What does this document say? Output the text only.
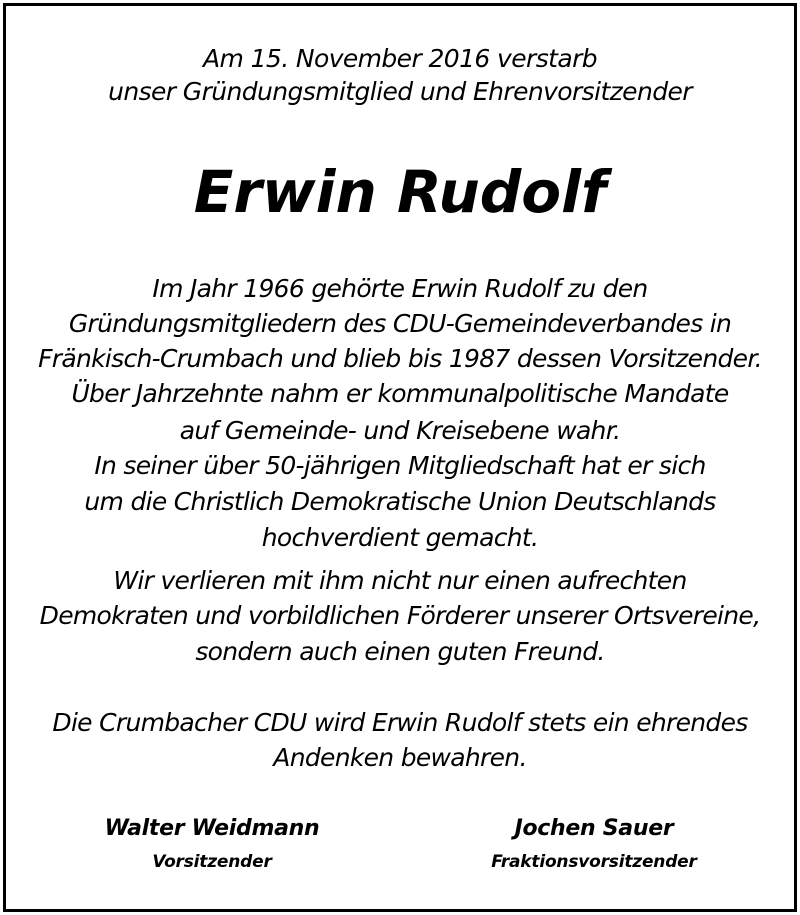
Am 15. November 2016 verstarb
unser Gründungsmitglied und Ehrenvorsitzender
Erwin Rudolf
Im Jahr 1966 gehörte Erwin Rudolf zu den
Gründungsmitgliedern des CDU-Gemeindeverbandes in
Fränkisch-Crumbach und blieb bis 1987 dessen Vorsitzender.
Über Jahrzehnte nahm er kommunalpolitische Mandate
auf Gemeinde- und Kreisebene wahr.
In seiner über 50-jährigen Mitgliedschaft hat er sich
um die Christlich Demokratische Union Deutschlands
hochverdient gemacht.
Wir verlieren mit ihm nicht nur einen aufrechten
Demokraten und vorbildlichen Förderer unserer Ortsvereine,
sondern auch einen guten Freund.
Die Crumbacher CDU wird Erwin Rudolf stets ein ehrendes
Andenken bewahren.
Walter Weidmann
Vorsitzender
Jochen Sauer
Fraktionsvorsitzender
